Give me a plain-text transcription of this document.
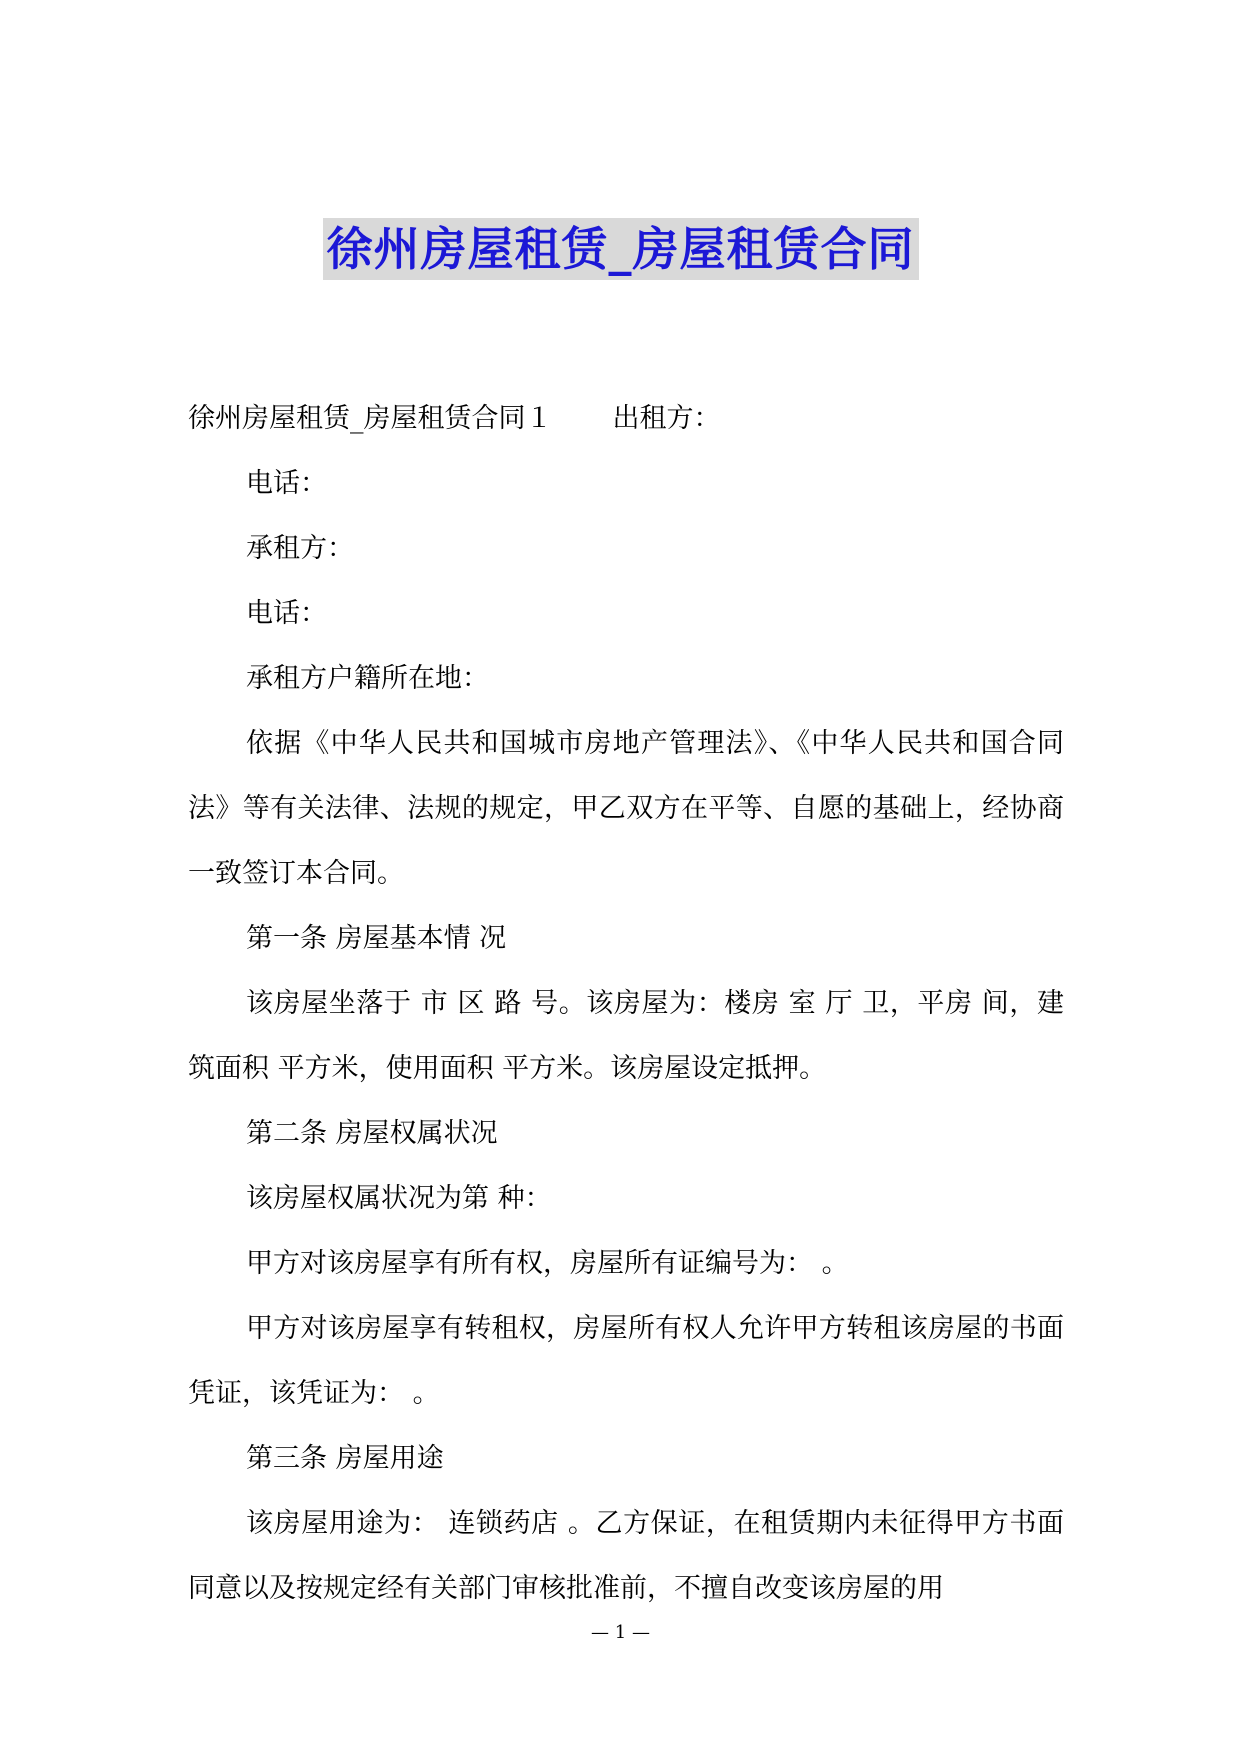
徐州房屋租赁_房屋租赁合同

徐州房屋租赁_房屋租赁合同１ 出租方：

电话：

承租方：

电话：

承租方户籍所在地：

依据《中华人民共和国城市房地产管理法》、《中华人民共和国合同法》等有关法律、法规的规定，甲乙双方在平等、自愿的基础上，经协商一致签订本合同。

第一条 房屋基本情 况

该房屋坐落于 市 区 路 号。该房屋为：楼房 室 厅 卫，平房 间，建筑面积 平方米，使用面积 平方米。该房屋设定抵押。

第二条 房屋权属状况

该房屋权属状况为第 种：

甲方对该房屋享有所有权，房屋所有证编号为： 。

甲方对该房屋享有转租权，房屋所有权人允许甲方转租该房屋的书面凭证，该凭证为： 。

第三条 房屋用途

该房屋用途为： 连锁药店 。乙方保证，在租赁期内未征得甲方书面同意以及按规定经有关部门审核批准前，不擅自改变该房屋的用

— 1 —
